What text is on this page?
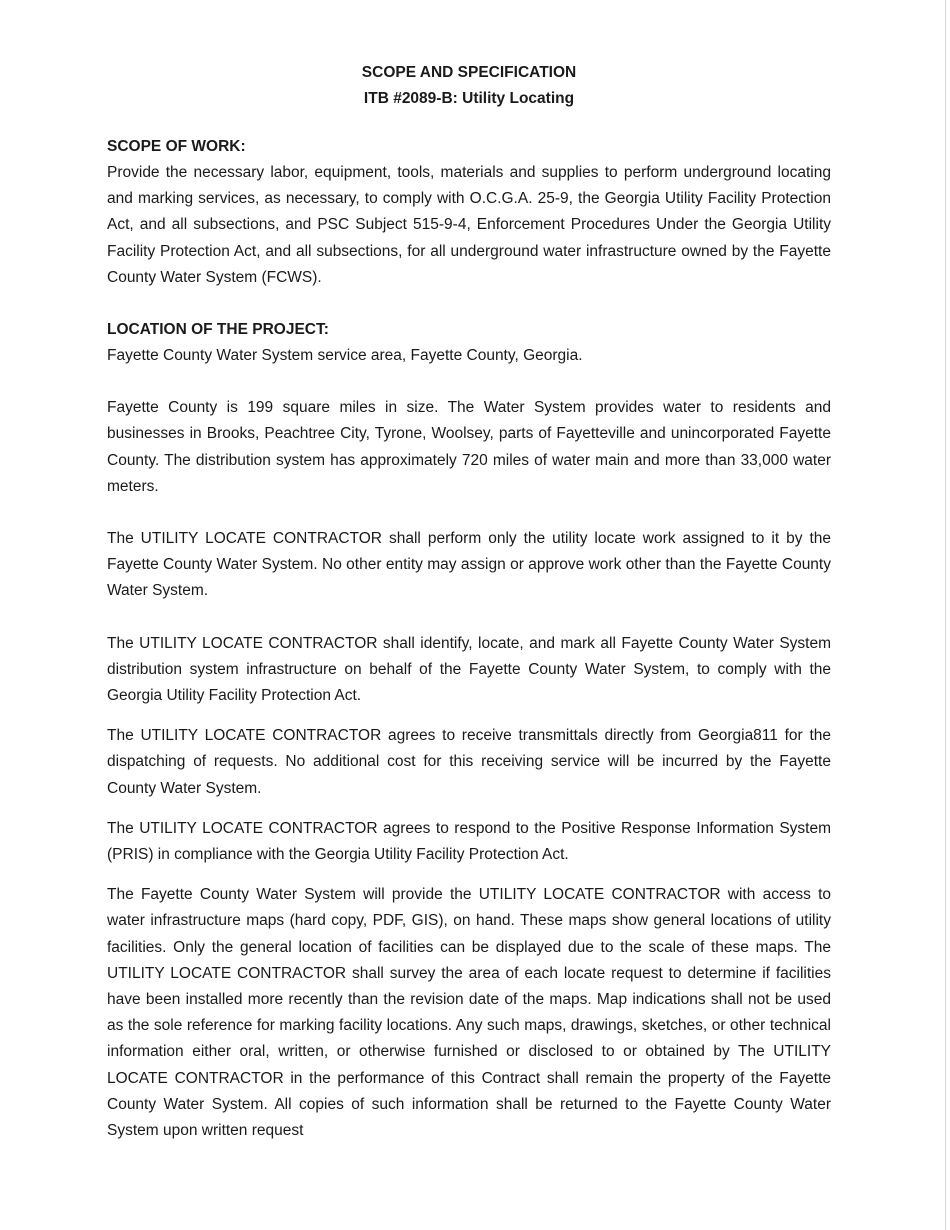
SCOPE AND SPECIFICATION
ITB #2089-B: Utility Locating
SCOPE OF WORK:

Provide the necessary labor, equipment, tools, materials and supplies to perform underground locating and marking services, as necessary, to comply with O.C.G.A. 25-9, the Georgia Utility Facility Protection Act, and all subsections, and PSC Subject 515-9-4, Enforcement Procedures Under the Georgia Utility Facility Protection Act, and all subsections, for all underground water infrastructure owned by the Fayette County Water System (FCWS).

LOCATION OF THE PROJECT:

Fayette County Water System service area, Fayette County, Georgia.

Fayette County is 199 square miles in size. The Water System provides water to residents and businesses in Brooks, Peachtree City, Tyrone, Woolsey, parts of Fayetteville and unincorporated Fayette County. The distribution system has approximately 720 miles of water main and more than 33,000 water meters.

The UTILITY LOCATE CONTRACTOR shall perform only the utility locate work assigned to it by the Fayette County Water System. No other entity may assign or approve work other than the Fayette County Water System.

The UTILITY LOCATE CONTRACTOR shall identify, locate, and mark all Fayette County Water System distribution system infrastructure on behalf of the Fayette County Water System, to comply with the Georgia Utility Facility Protection Act.

The UTILITY LOCATE CONTRACTOR agrees to receive transmittals directly from Georgia811 for the dispatching of requests. No additional cost for this receiving service will be incurred by the Fayette County Water System.

The UTILITY LOCATE CONTRACTOR agrees to respond to the Positive Response Information System (PRIS) in compliance with the Georgia Utility Facility Protection Act.

The Fayette County Water System will provide the UTILITY LOCATE CONTRACTOR with access to water infrastructure maps (hard copy, PDF, GIS), on hand. These maps show general locations of utility facilities. Only the general location of facilities can be displayed due to the scale of these maps. The UTILITY LOCATE CONTRACTOR shall survey the area of each locate request to determine if facilities have been installed more recently than the revision date of the maps. Map indications shall not be used as the sole reference for marking facility locations. Any such maps, drawings, sketches, or other technical information either oral, written, or otherwise furnished or disclosed to or obtained by The UTILITY LOCATE CONTRACTOR in the performance of this Contract shall remain the property of the Fayette County Water System. All copies of such information shall be returned to the Fayette County Water System upon written request
